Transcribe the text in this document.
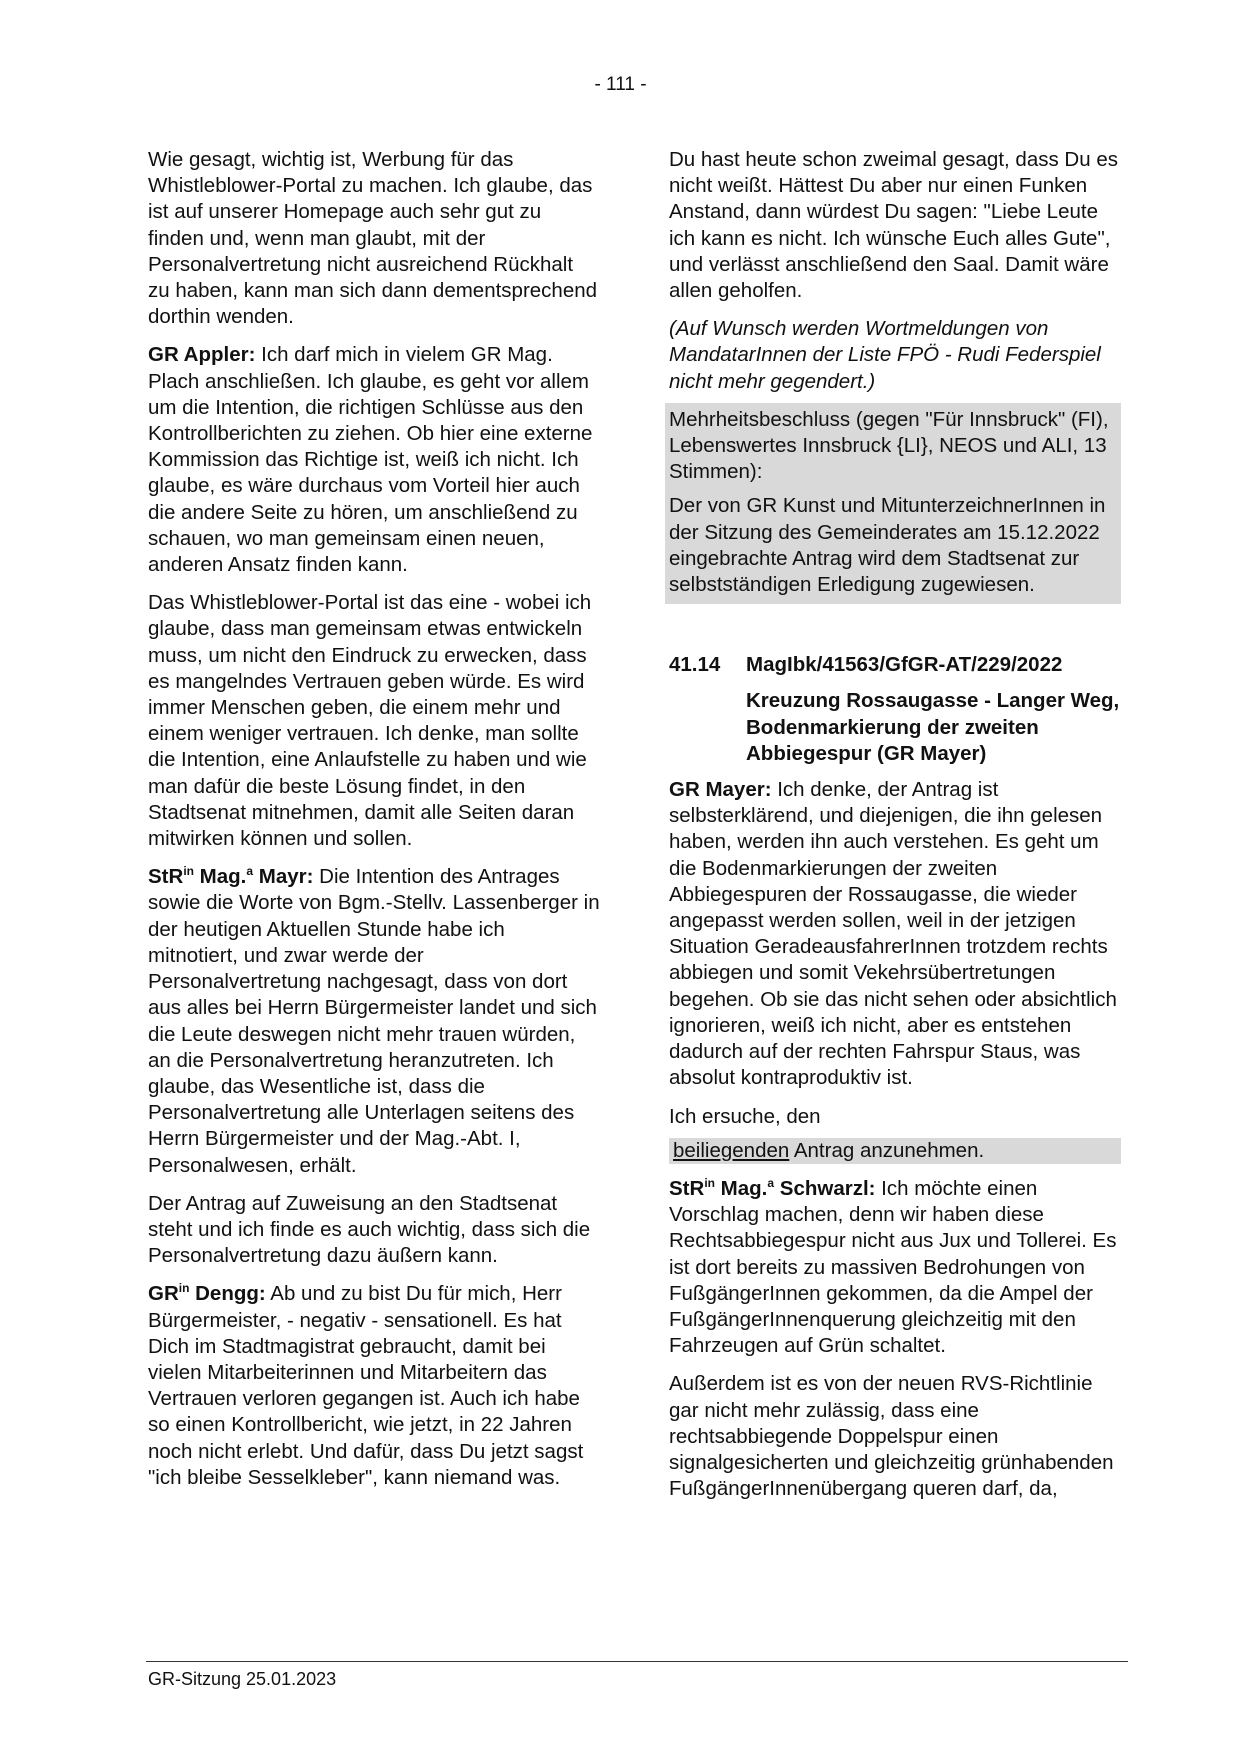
- 111 -

Wie gesagt, wichtig ist, Werbung für das Whistleblower-Portal zu machen. Ich glaube, das ist auf unserer Homepage auch sehr gut zu finden und, wenn man glaubt, mit der Personalvertretung nicht ausreichend Rückhalt zu haben, kann man sich dann dementsprechend dorthin wenden.

GR Appler: Ich darf mich in vielem GR Mag. Plach anschließen. Ich glaube, es geht vor allem um die Intention, die richtigen Schlüsse aus den Kontrollberichten zu ziehen. Ob hier eine externe Kommission das Richtige ist, weiß ich nicht. Ich glaube, es wäre durchaus vom Vorteil hier auch die andere Seite zu hören, um anschließend zu schauen, wo man gemeinsam einen neuen, anderen Ansatz finden kann.

Das Whistleblower-Portal ist das eine - wobei ich glaube, dass man gemeinsam etwas entwickeln muss, um nicht den Eindruck zu erwecken, dass es mangelndes Vertrauen geben würde. Es wird immer Menschen geben, die einem mehr und einem weniger vertrauen. Ich denke, man sollte die Intention, eine Anlaufstelle zu haben und wie man dafür die beste Lösung findet, in den Stadtsenat mitnehmen, damit alle Seiten daran mitwirken können und sollen.

StR$^{in}$ Mag.$^a$ Mayr: Die Intention des Antrages sowie die Worte von Bgm.-Stellv. Lassenberger in der heutigen Aktuellen Stunde habe ich mitnotiert, und zwar werde der Personalvertretung nachgesagt, dass von dort aus alles bei Herrn Bürgermeister landet und sich die Leute deswegen nicht mehr trauen würden, an die Personalvertretung heranzutreten. Ich glaube, das Wesentliche ist, dass die Personalvertretung alle Unterlagen seitens des Herrn Bürgermeister und der Mag.-Abt. I, Personalwesen, erhält.

Der Antrag auf Zuweisung an den Stadtsenat steht und ich finde es auch wichtig, dass sich die Personalvertretung dazu äußern kann.

$GR^{in}$ Dengg: Ab und zu bist Du für mich, Herr Bürgermeister, - negativ - sensationell. Es hat Dich im Stadtmagistrat gebraucht, damit bei vielen Mitarbeiterinnen und Mitarbeitern das Vertrauen verloren gegangen ist. Auch ich habe so einen Kontrollbericht, wie jetzt, in 22 Jahren noch nicht erlebt. Und dafür, dass Du jetzt sagst "ich bleibe Sesselkleber", kann niemand was.

Du hast heute schon zweimal gesagt, dass Du es nicht weißt. Hättest Du aber nur einen Funken Anstand, dann würdest Du sagen: "Liebe Leute ich kann es nicht. Ich wünsche Euch alles Gute", und verlässt anschließend den Saal. Damit wäre allen geholfen.

(Auf Wunsch werden Wortmeldungen von MandatarInnen der Liste FPÖ - Rudi Federspiel nicht mehr gegendert.)

Mehrheitsbeschluss (gegen "Für Innsbruck" (FI), Lebenswertes Innsbruck {LI}, NEOS und ALI, 13 Stimmen):
Der von GR Kunst und MitunterzeichnerInnen in der Sitzung des Gemeinderates am 15.12.2022 eingebrachte Antrag wird dem Stadtsenat zur selbstständigen Erledigung zugewiesen.
41.14	MagIbk/41563/GfGR-AT/229/2022
Kreuzung Rossaugasse - Langer Weg, Bodenmarkierung der zweiten Abbiegespur (GR Mayer)

GR Mayer: Ich denke, der Antrag ist selbsterklärend, und diejenigen, die ihn gelesen haben, werden ihn auch verstehen. Es geht um die Bodenmarkierungen der zweiten Abbiegespuren der Rossaugasse, die wieder angepasst werden sollen, weil in der jetzigen Situation GeradeausfahrerInnen trotzdem rechts abbiegen und somit Vekehrsübertretungen begehen. Ob sie das nicht sehen oder absichtlich ignorieren, weiß ich nicht, aber es entstehen dadurch auf der rechten Fahrspur Staus, was absolut kontraproduktiv ist.

Ich ersuche, den

beiliegenden Antrag anzunehmen.

StR$^{in}$ Mag.$^a$ Schwarzl: Ich möchte einen Vorschlag machen, denn wir haben diese Rechtsabbiegespur nicht aus Jux und Tollerei. Es ist dort bereits zu massiven Bedrohungen von FußgängerInnen gekommen, da die Ampel der FußgängerInnenquerung gleichzeitig mit den Fahrzeugen auf Grün schaltet.

Außerdem ist es von der neuen RVS-Richtlinie gar nicht mehr zulässig, dass eine rechtsabbiegende Doppelspur einen signalgesicherten und gleichzeitig grünhabenden FußgängerInnenübergang queren darf, da,

GR-Sitzung 25.01.2023
